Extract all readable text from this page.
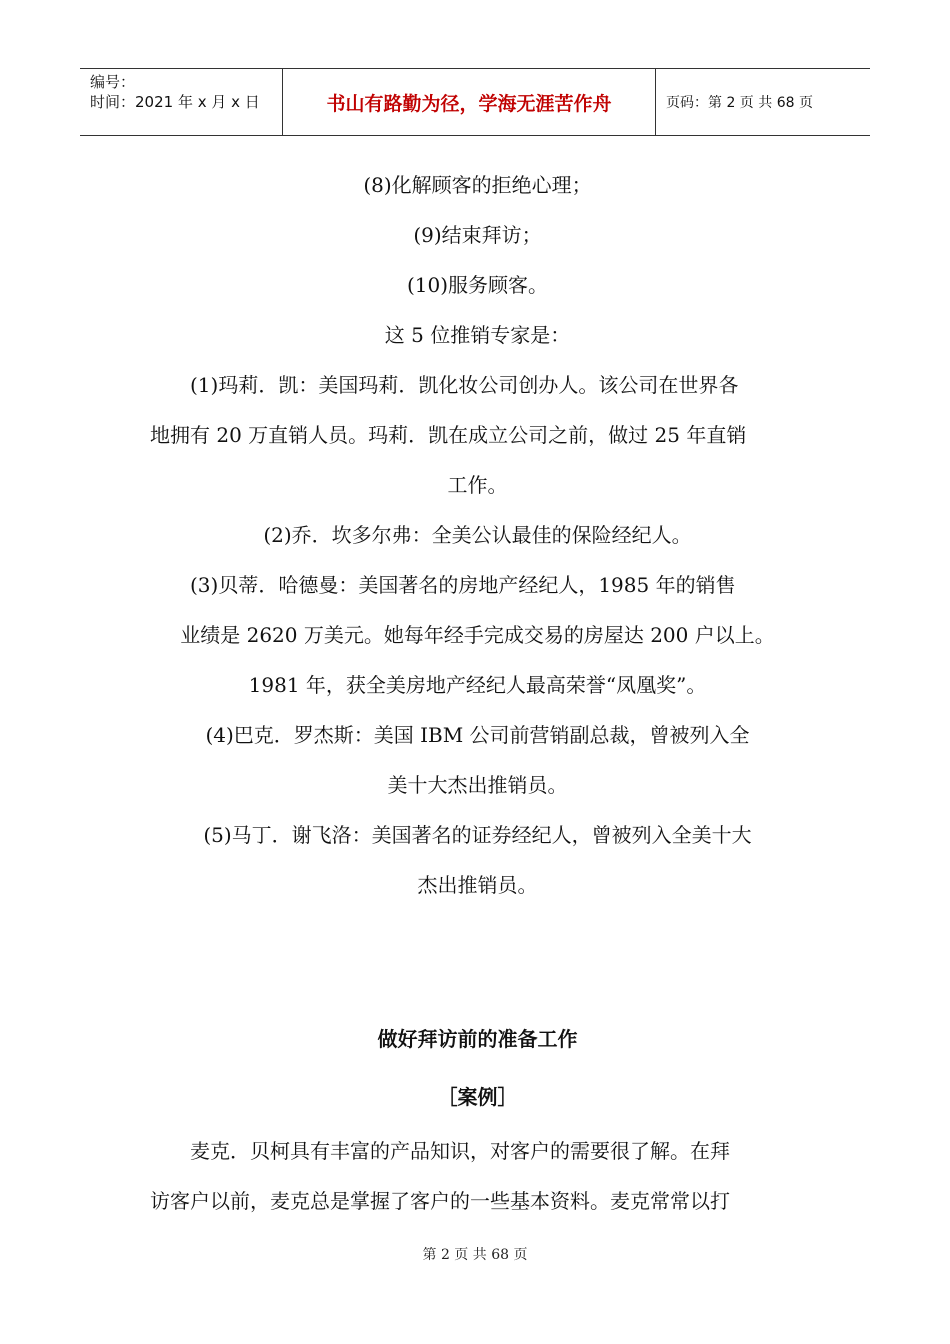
编号：
时间：2021 年 x 月 x 日	书山有路勤为径，学海无涯苦作舟	页码：第 2 页 共 68 页
(8)化解顾客的拒绝心理；
(9)结束拜访；
(10)服务顾客。
这 5 位推销专家是：
(1)玛莉．凯：美国玛莉．凯化妆公司创办人。该公司在世界各
地拥有 20 万直销人员。玛莉．凯在成立公司之前，做过 25 年直销
工作。
(2)乔．坎多尔弗：全美公认最佳的保险经纪人。
(3)贝蒂．哈德曼：美国著名的房地产经纪人，1985 年的销售
业绩是 2620 万美元。她每年经手完成交易的房屋达 200 户以上。
1981 年，获全美房地产经纪人最高荣誉“凤凰奖”。
(4)巴克．罗杰斯：美国 IBM 公司前营销副总裁，曾被列入全
美十大杰出推销员。
(5)马丁．谢飞洛：美国著名的证券经纪人，曾被列入全美十大
杰出推销员。
做好拜访前的准备工作
［案例］
麦克．贝柯具有丰富的产品知识，对客户的需要很了解。在拜
访客户以前，麦克总是掌握了客户的一些基本资料。麦克常常以打
第 2 页 共 68 页
